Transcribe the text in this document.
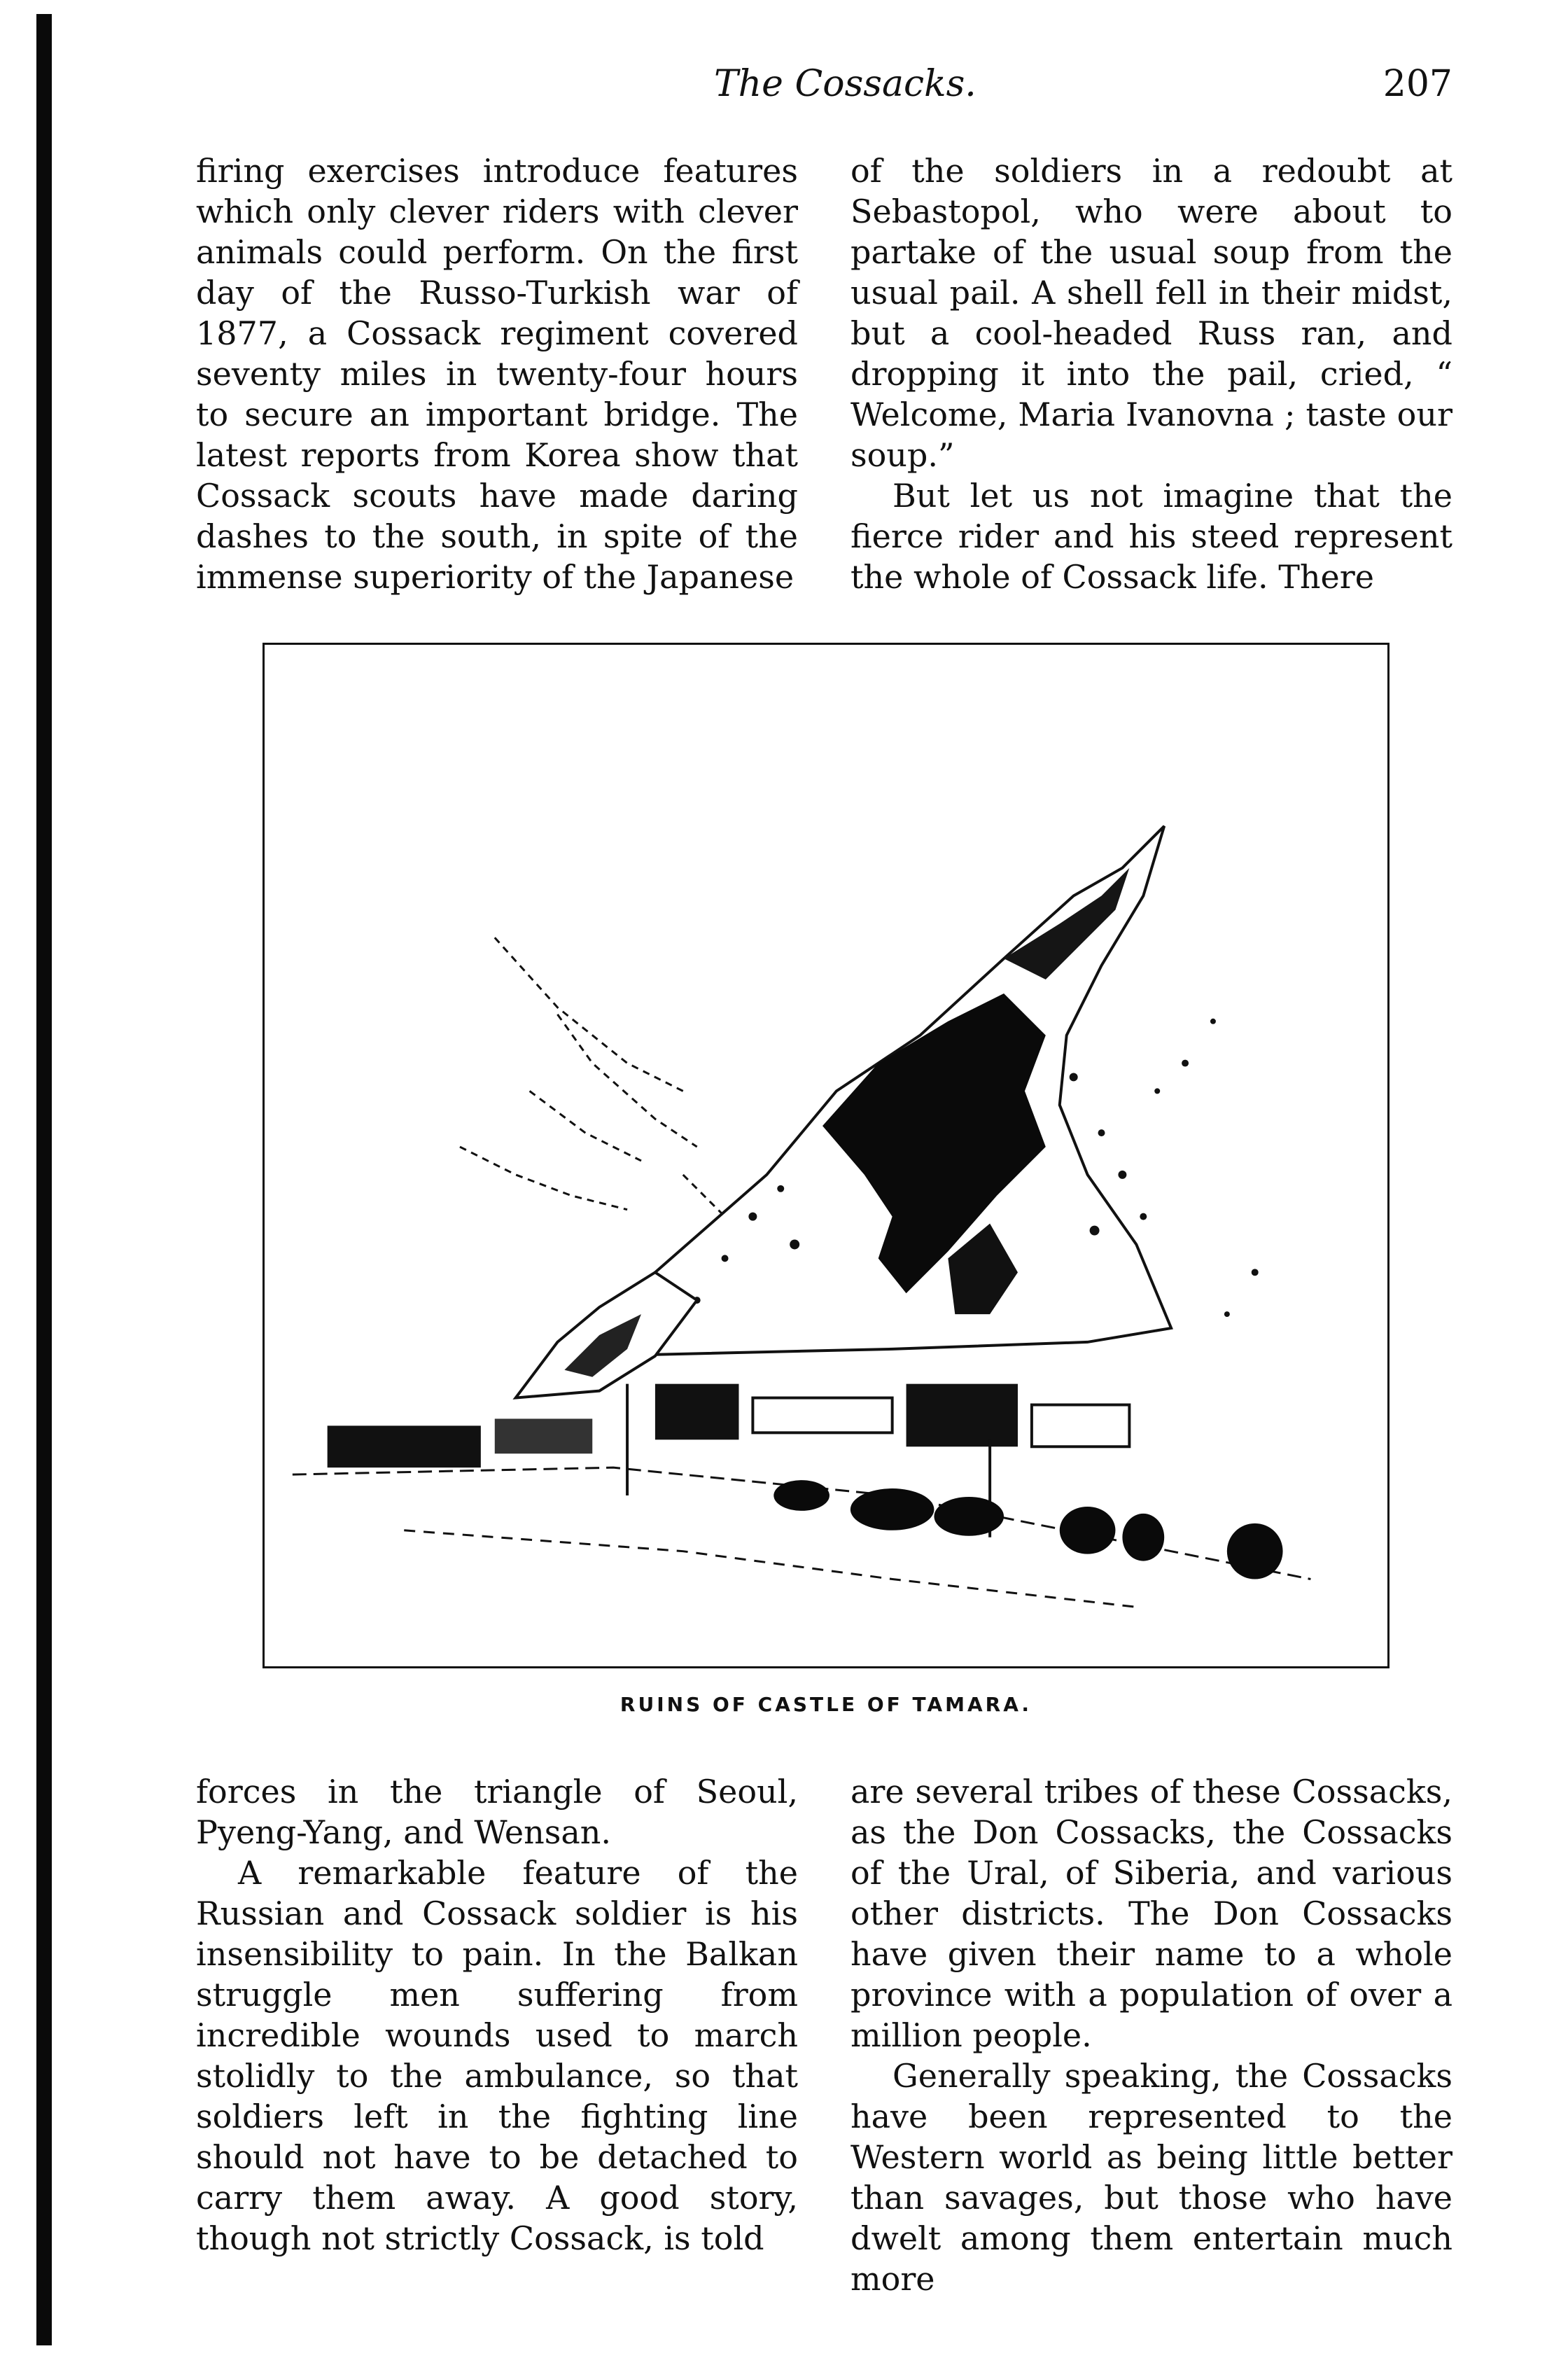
The Cossacks.	207

firing exercises introduce features which only clever riders with clever animals could perform. On the first day of the Russo-Turkish war of 1877, a Cossack regiment covered seventy miles in twenty-four hours to secure an important bridge. The latest reports from Korea show that Cossack scouts have made daring dashes to the south, in spite of the immense superiority of the Japanese

of the soldiers in a redoubt at Sebastopol, who were about to partake of the usual soup from the usual pail. A shell fell in their midst, but a cool-headed Russ ran, and dropping it into the pail, cried, “ Welcome, Maria Ivanovna ; taste our soup.”

But let us not imagine that the fierce rider and his steed represent the whole of Cossack life. There

RUINS OF CASTLE OF TAMARA.

forces in the triangle of Seoul, Pyeng-Yang, and Wensan.

A remarkable feature of the Russian and Cossack soldier is his insensibility to pain. In the Balkan struggle men suffering from incredible wounds used to march stolidly to the ambulance, so that soldiers left in the fighting line should not have to be detached to carry them away. A good story, though not strictly Cossack, is told

are several tribes of these Cossacks, as the Don Cossacks, the Cossacks of the Ural, of Siberia, and various other districts. The Don Cossacks have given their name to a whole province with a population of over a million people.

Generally speaking, the Cossacks have been represented to the Western world as being little better than savages, but those who have dwelt among them entertain much more
